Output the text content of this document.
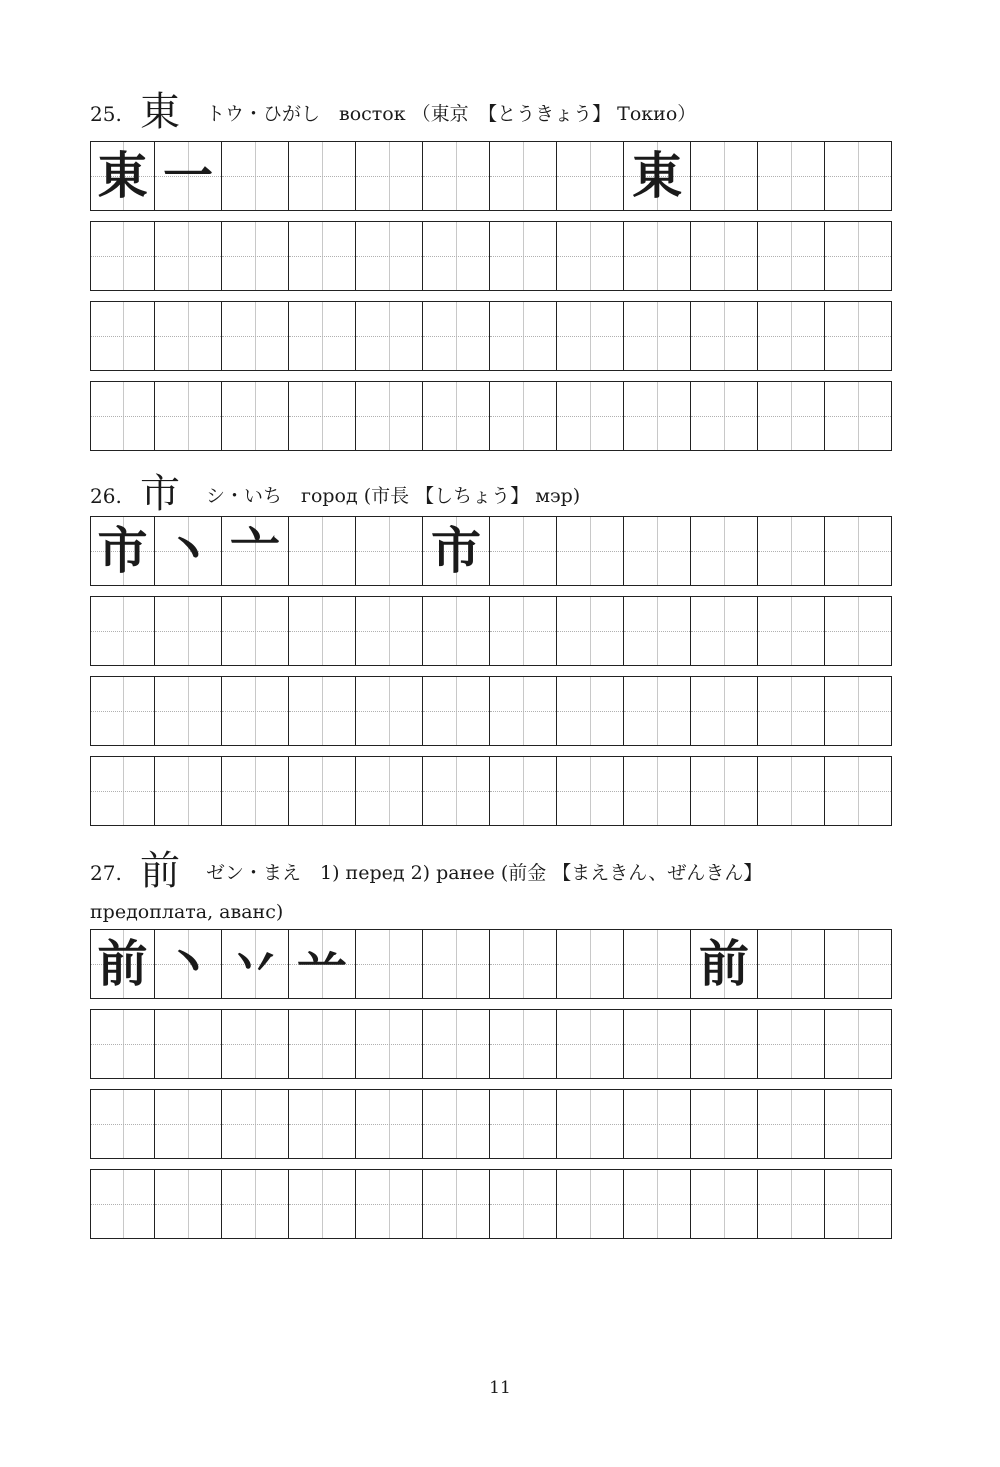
25. 東 トウ・ひがし　восток （東京　【とうきょう】 Токио）
東 一	東
26. 市 シ・いち　город (市長 【しちょう】 мэр)
市 丶 亠	市
27. 前 ゼン・まえ　1) перед 2) ранее (前金 【まえきん、ぜんきん】
предоплата, аванс)
前 丶 丷 䒑	前
11
